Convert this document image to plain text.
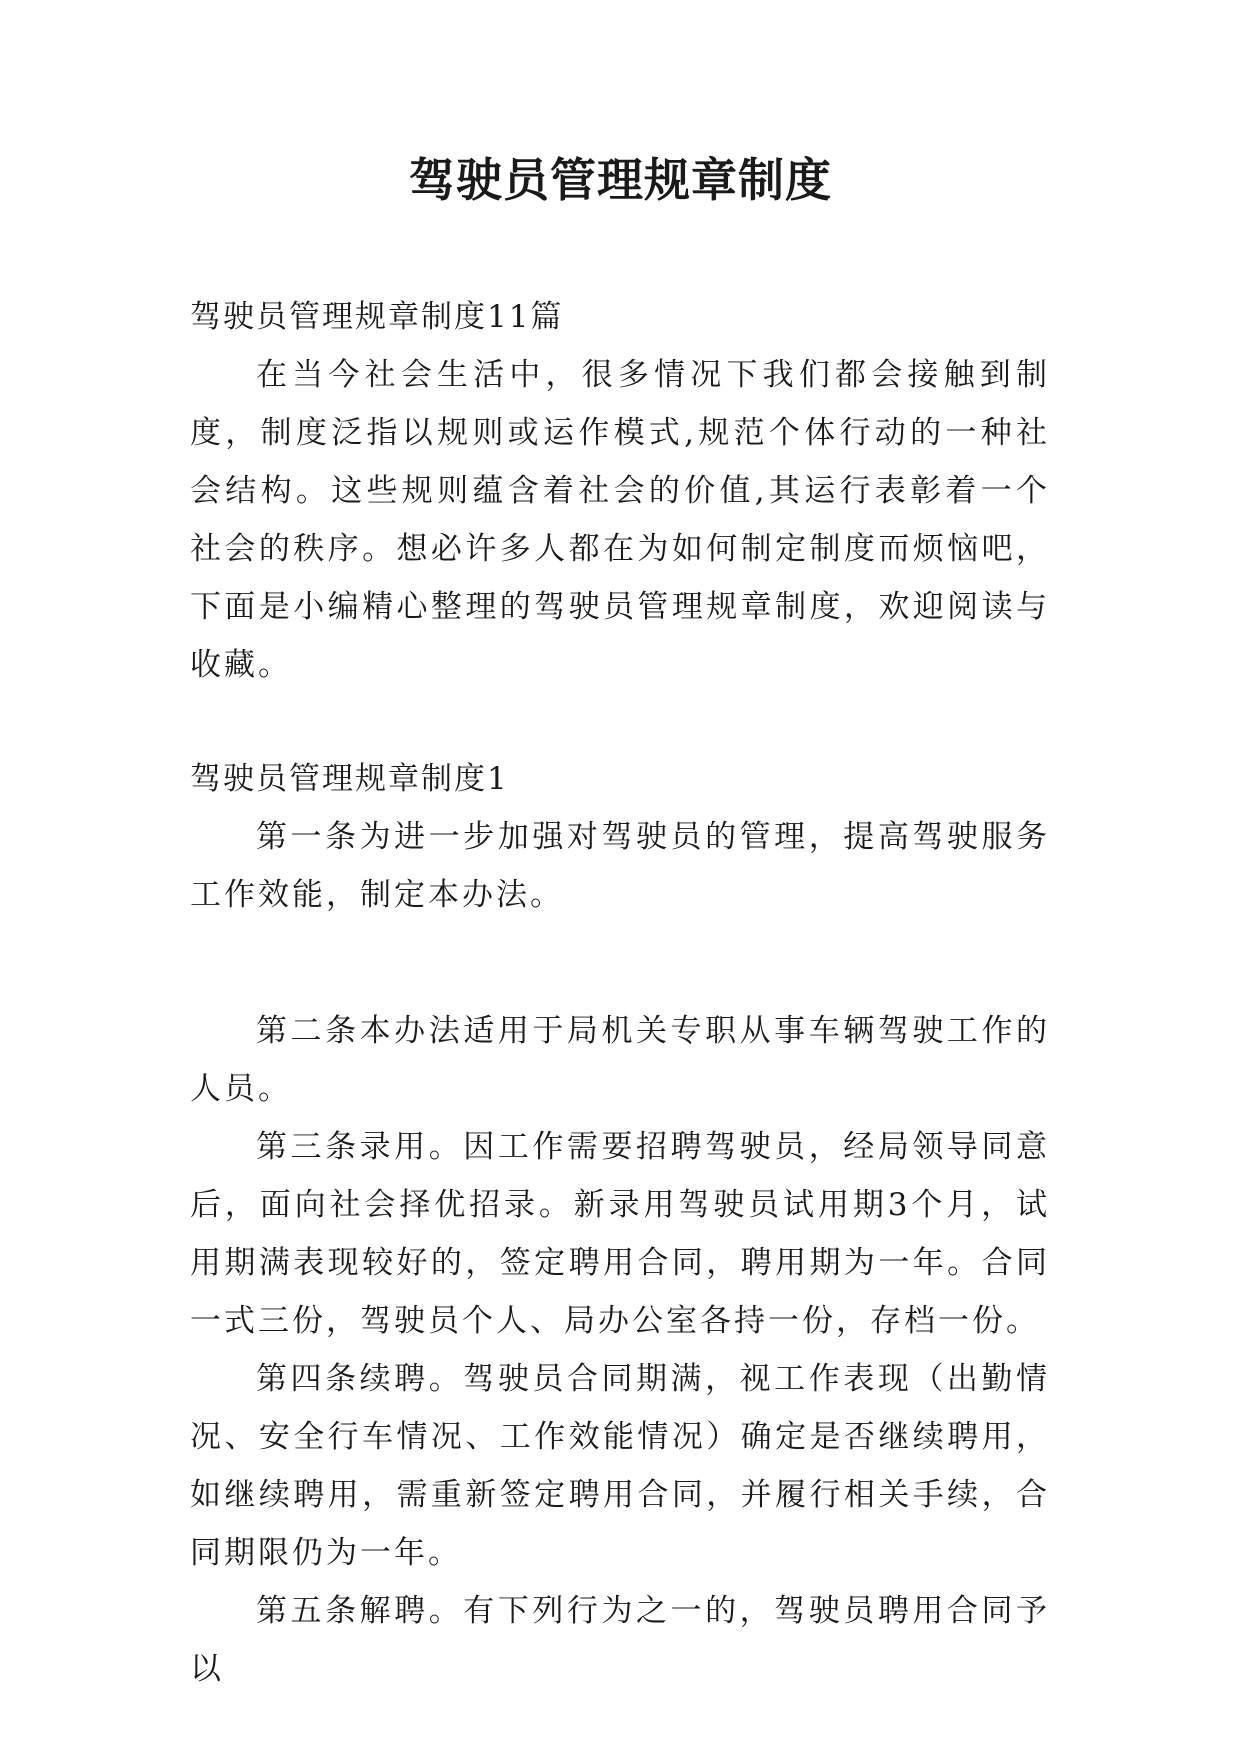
驾驶员管理规章制度

驾驶员管理规章制度11篇

在当今社会生活中，很多情况下我们都会接触到制度，制度泛指以规则或运作模式,规范个体行动的一种社会结构。这些规则蕴含着社会的价值,其运行表彰着一个社会的秩序。想必许多人都在为如何制定制度而烦恼吧，下面是小编精心整理的驾驶员管理规章制度，欢迎阅读与收藏。

驾驶员管理规章制度1

第一条为进一步加强对驾驶员的管理，提高驾驶服务工作效能，制定本办法。

第二条本办法适用于局机关专职从事车辆驾驶工作的人员。

第三条录用。因工作需要招聘驾驶员，经局领导同意后，面向社会择优招录。新录用驾驶员试用期3个月，试用期满表现较好的，签定聘用合同，聘用期为一年。合同一式三份，驾驶员个人、局办公室各持一份，存档一份。

第四条续聘。驾驶员合同期满，视工作表现（出勤情况、安全行车情况、工作效能情况）确定是否继续聘用，如继续聘用，需重新签定聘用合同，并履行相关手续，合同期限仍为一年。

第五条解聘。有下列行为之一的，驾驶员聘用合同予以
